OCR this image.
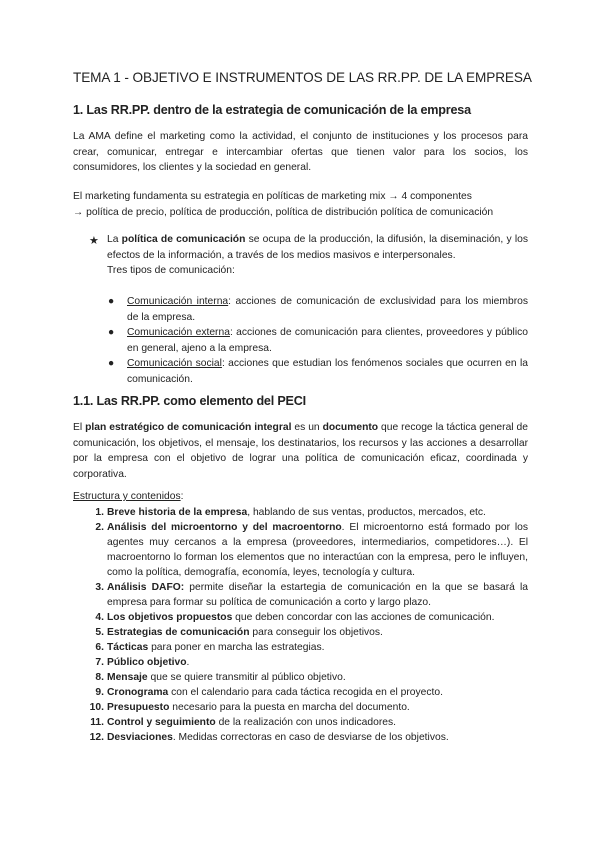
TEMA 1 - OBJETIVO E INSTRUMENTOS DE LAS RR.PP. DE LA EMPRESA
1. Las RR.PP. dentro de la estrategia de comunicación de la empresa
La AMA define el marketing como la actividad, el conjunto de instituciones y los procesos para crear, comunicar, entregar e intercambiar ofertas que tienen valor para los socios, los consumidores, los clientes y la sociedad en general.
El marketing fundamenta su estrategia en políticas de marketing mix → 4 componentes
→ política de precio, política de producción, política de distribución política de comunicación
★ La política de comunicación se ocupa de la producción, la difusión, la diseminación, y los efectos de la información, a través de los medios masivos e interpersonales.
Tres tipos de comunicación:
● Comunicación interna: acciones de comunicación de exclusividad para los miembros de la empresa.
● Comunicación externa: acciones de comunicación para clientes, proveedores y público en general, ajeno a la empresa.
● Comunicación social: acciones que estudian los fenómenos sociales que ocurren en la comunicación.
1.1. Las RR.PP. como elemento del PECI
El plan estratégico de comunicación integral es un documento que recoge la táctica general de comunicación, los objetivos, el mensaje, los destinatarios, los recursos y las acciones a desarrollar por la empresa con el objetivo de lograr una política de comunicación eficaz, coordinada y corporativa.
Estructura y contenidos:
1. Breve historia de la empresa, hablando de sus ventas, productos, mercados, etc.
2. Análisis del microentorno y del macroentorno. El microentorno está formado por los agentes muy cercanos a la empresa (proveedores, intermediarios, competidores…). El macroentorno lo forman los elementos que no interactúan con la empresa, pero le influyen, como la política, demografía, economía, leyes, tecnología y cultura.
3. Análisis DAFO: permite diseñar la estartegia de comunicación en la que se basará la empresa para formar su política de comunicación a corto y largo plazo.
4. Los objetivos propuestos que deben concordar con las acciones de comunicación.
5. Estrategias de comunicación para conseguir los objetivos.
6. Tácticas para poner en marcha las estrategias.
7. Público objetivo.
8. Mensaje que se quiere transmitir al público objetivo.
9. Cronograma con el calendario para cada táctica recogida en el proyecto.
10. Presupuesto necesario para la puesta en marcha del documento.
11. Control y seguimiento de la realización con unos indicadores.
12. Desviaciones. Medidas correctoras en caso de desviarse de los objetivos.
